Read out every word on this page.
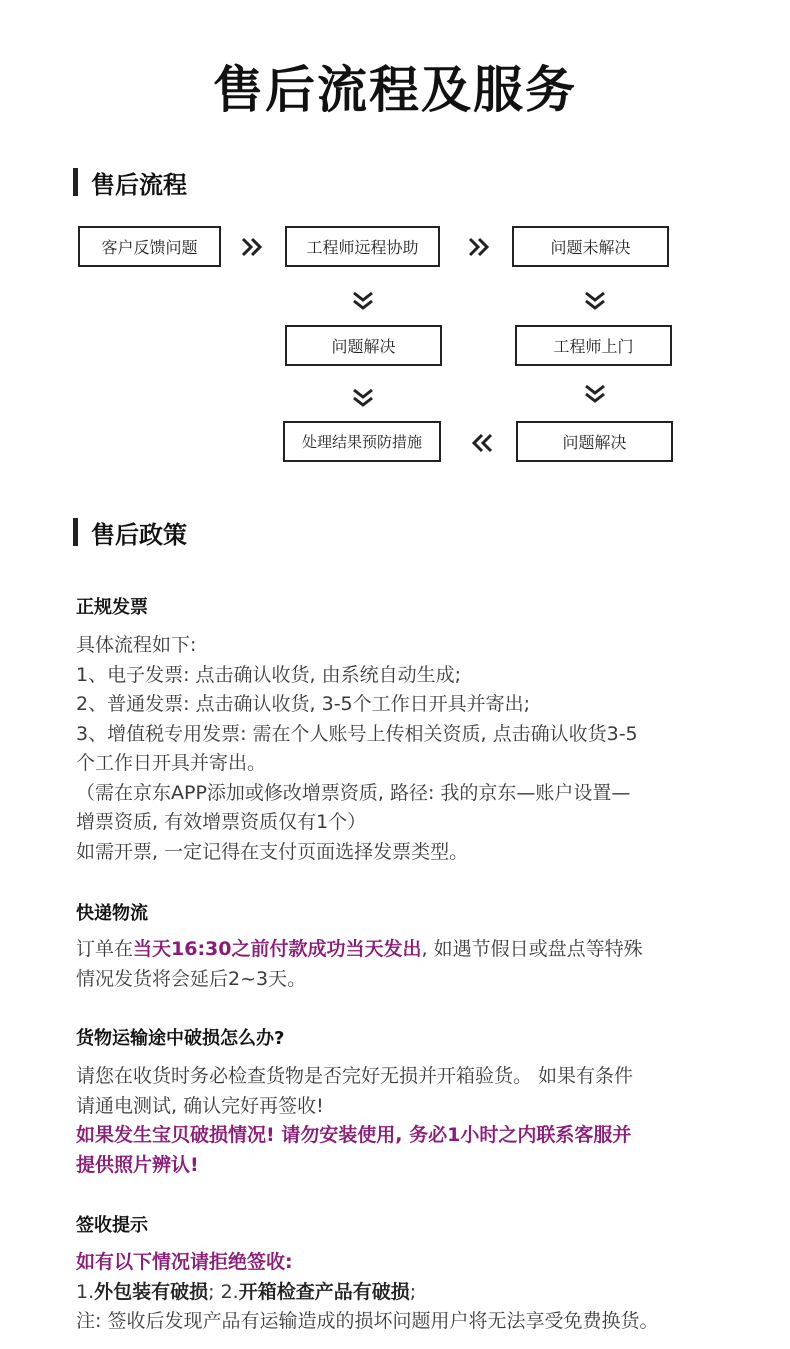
售后流程及服务
售后流程
客户反馈问题	工程师远程协助	问题未解决
问题解决	工程师上门
处理结果预防措施	问题解决
售后政策
正规发票
具体流程如下:
1、电子发票: 点击确认收货, 由系统自动生成;
2、普通发票: 点击确认收货, 3-5个工作日开具并寄出;
3、增值税专用发票: 需在个人账号上传相关资质, 点击确认收货3-5
个工作日开具并寄出。
（需在京东APP添加或修改增票资质, 路径: 我的京东—账户设置—
增票资质, 有效增票资质仅有1个）
如需开票, 一定记得在支付页面选择发票类型。
快递物流
订单在当天16:30之前付款成功当天发出, 如遇节假日或盘点等特殊
情况发货将会延后2~3天。
货物运输途中破损怎么办?
请您在收货时务必检查货物是否完好无损并开箱验货。 如果有条件
请通电测试, 确认完好再签收!
如果发生宝贝破损情况! 请勿安装使用, 务必1小时之内联系客服并
提供照片辨认!
签收提示
如有以下情况请拒绝签收:
1.外包装有破损; 2.开箱检查产品有破损;
注: 签收后发现产品有运输造成的损坏问题用户将无法享受免费换货。
